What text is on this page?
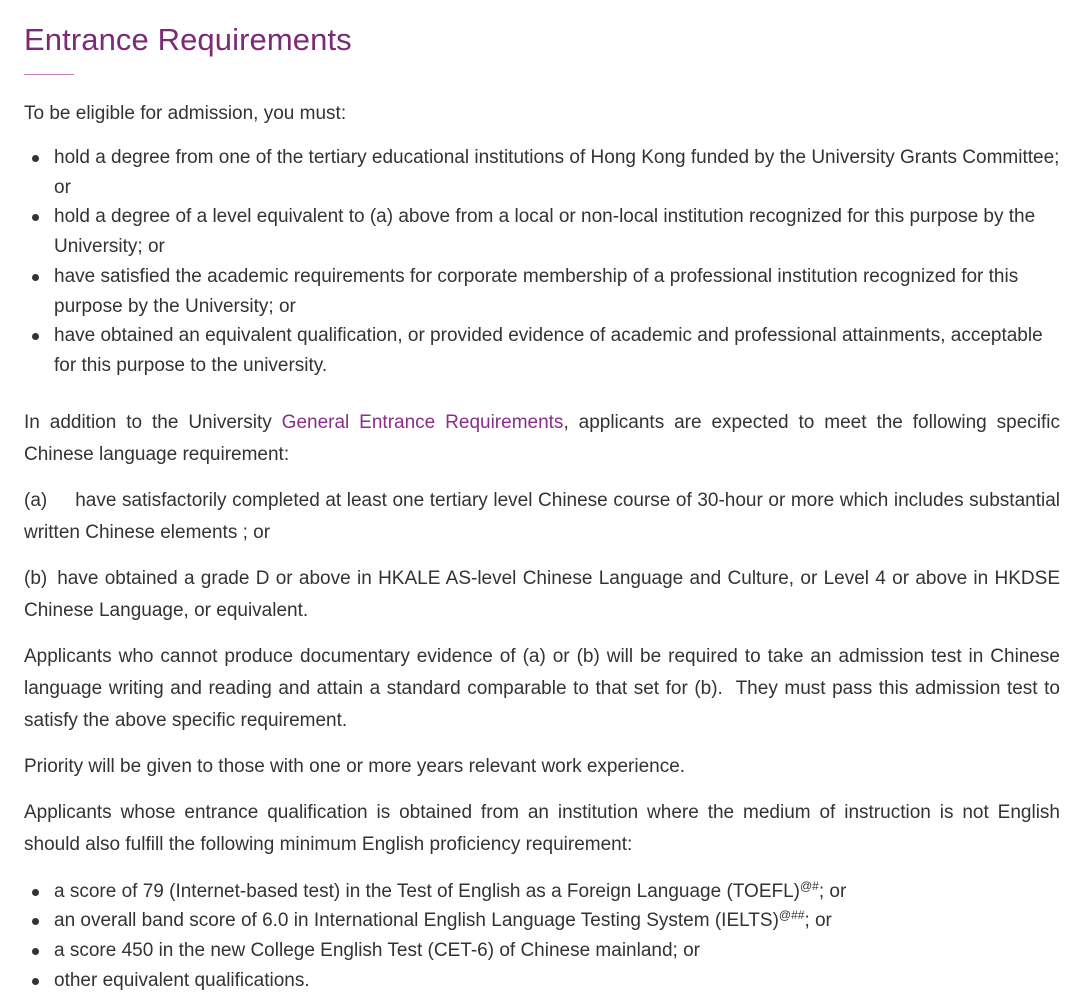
Entrance Requirements

To be eligible for admission, you must:

hold a degree from one of the tertiary educational institutions of Hong Kong funded by the University Grants Committee; or
hold a degree of a level equivalent to (a) above from a local or non-local institution recognized for this purpose by the University; or
have satisfied the academic requirements for corporate membership of a professional institution recognized for this purpose by the University; or
have obtained an equivalent qualification, or provided evidence of academic and professional attainments, acceptable for this purpose to the university.

In addition to the University General Entrance Requirements, applicants are expected to meet the following specific Chinese language requirement:

(a) have satisfactorily completed at least one tertiary level Chinese course of 30-hour or more which includes substantial written Chinese elements ; or

(b) have obtained a grade D or above in HKALE AS-level Chinese Language and Culture, or Level 4 or above in HKDSE Chinese Language, or equivalent.

Applicants who cannot produce documentary evidence of (a) or (b) will be required to take an admission test in Chinese language writing and reading and attain a standard comparable to that set for (b).  They must pass this admission test to satisfy the above specific requirement.

Priority will be given to those with one or more years relevant work experience.

Applicants whose entrance qualification is obtained from an institution where the medium of instruction is not English should also fulfill the following minimum English proficiency requirement:

a score of 79 (Internet-based test) in the Test of English as a Foreign Language (TOEFL)@#; or
an overall band score of 6.0 in International English Language Testing System (IELTS)@##; or
a score 450 in the new College English Test (CET-6) of Chinese mainland; or
other equivalent qualifications.
